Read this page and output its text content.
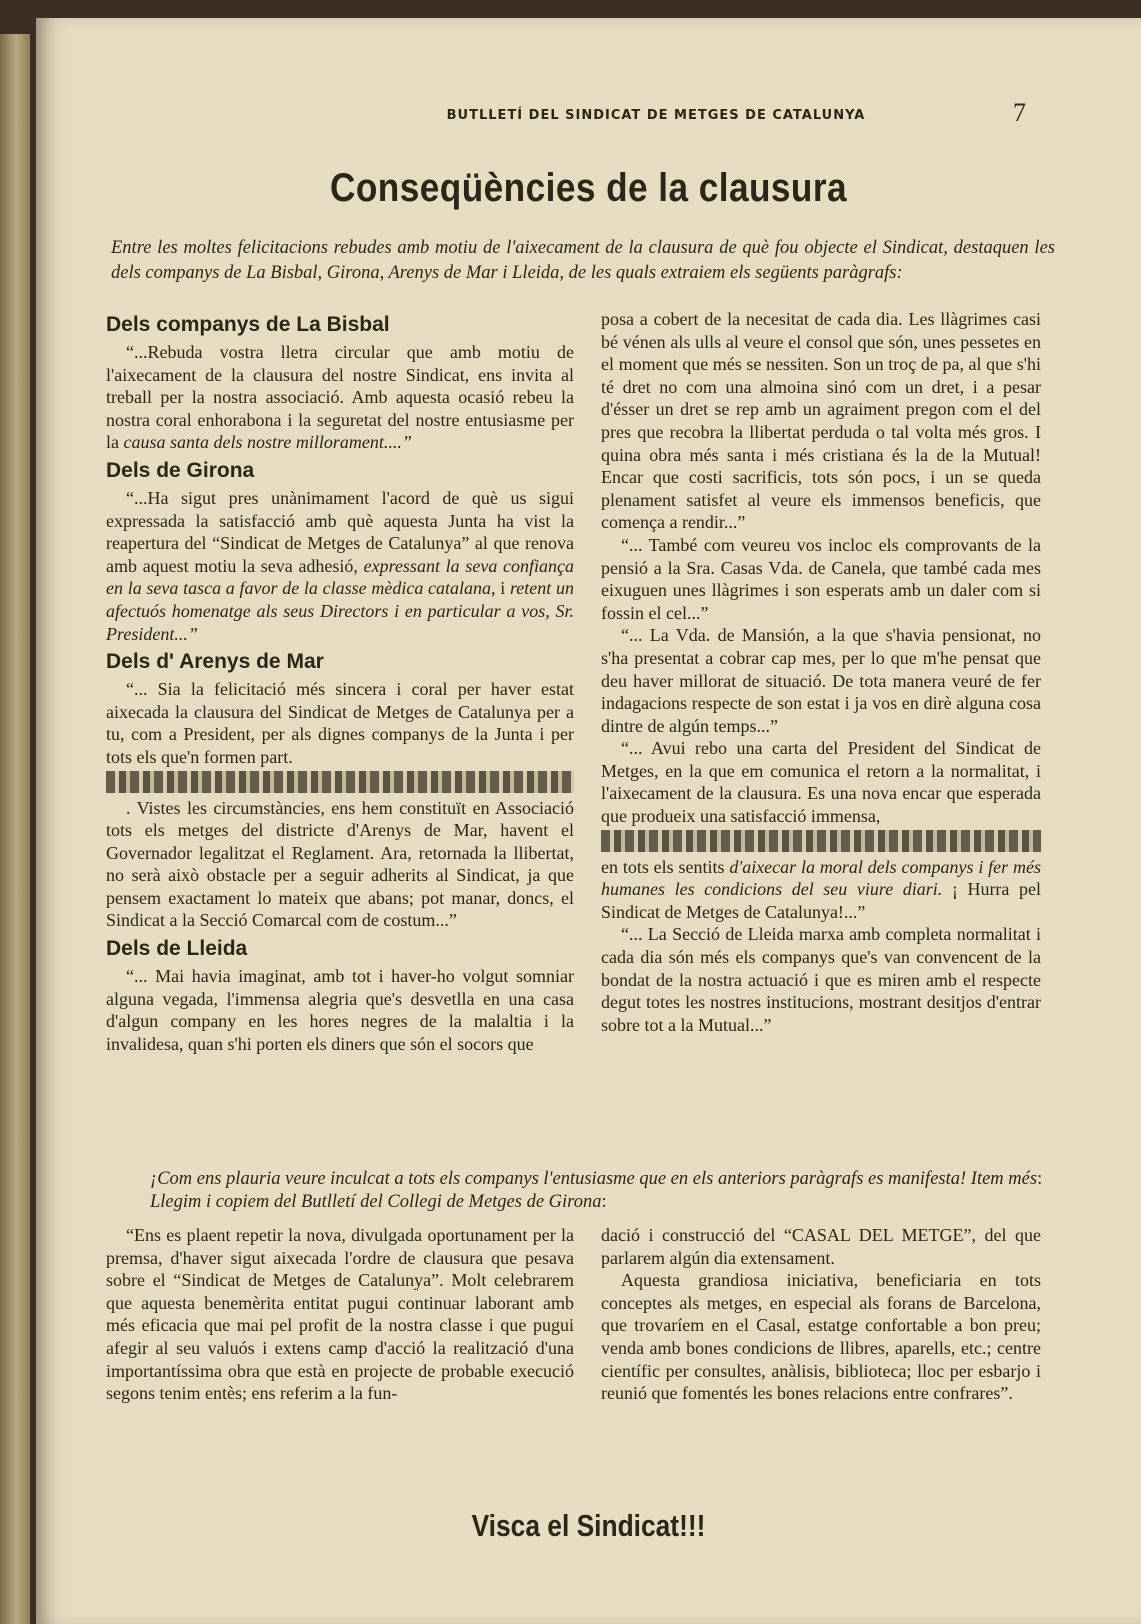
BUTLLETÍ DEL SINDICAT DE METGES DE CATALUNYA	7
Conseqüències de la clausura
Entre les moltes felicitacions rebudes amb motiu de l'aixecament de la clausura de què fou objecte el Sindicat, destaquen les dels companys de La Bisbal, Girona, Arenys de Mar i Lleida, de les quals extraiem els següents paràgrafs:
Dels companys de La Bisbal

“...Rebuda vostra lletra circular que amb motiu de l'aixecament de la clausura del nostre Sindicat, ens invita al treball per la nostra associació. Amb aquesta ocasió rebeu la nostra coral enhorabona i la seguretat del nostre entusiasme per la causa santa dels nostre millorament....”

Dels de Girona

“...Ha sigut pres unànimament l'acord de què us sigui expressada la satisfacció amb què aquesta Junta ha vist la reapertura del “Sindicat de Metges de Catalunya” al que renova amb aquest motiu la seva adhesió, expressant la seva confiança en la seva tasca a favor de la classe mèdica catalana, i retent un afectuós homenatge als seus Directors i en particular a vos, Sr. President...”

Dels d' Arenys de Mar

“... Sia la felicitació més sincera i coral per haver estat aixecada la clausura del Sindicat de Metges de Catalunya per a tu, com a President, per als dignes companys de la Junta i per tots els que'n formen part.

. Vistes les circumstàncies, ens hem constituït en Associació tots els metges del districte d'Arenys de Mar, havent el Governador legalitzat el Reglament. Ara, retornada la llibertat, no serà això obstacle per a seguir adherits al Sindicat, ja que pensem exactament lo mateix que abans; pot manar, doncs, el Sindicat a la Secció Comarcal com de costum...”

Dels de Lleida

“... Mai havia imaginat, amb tot i haver-ho volgut somniar alguna vegada, l'immensa alegria que's desvetlla en una casa d'algun company en les hores negres de la malaltia i la invalidesa, quan s'hi porten els diners que són el socors que

posa a cobert de la necesitat de cada dia. Les llàgrimes casi bé vénen als ulls al veure el consol que són, unes pessetes en el moment que més se nessiten. Son un troç de pa, al que s'hi té dret no com una almoina sinó com un dret, i a pesar d'ésser un dret se rep amb un agraiment pregon com el del pres que recobra la llibertat perduda o tal volta més gros. I quina obra més santa i més cristiana és la de la Mutual! Encar que costi sacrificis, tots són pocs, i un se queda plenament satisfet al veure els immensos beneficis, que comença a rendir...”

“... També com veureu vos incloc els comprovants de la pensió a la Sra. Casas Vda. de Canela, que també cada mes eixuguen unes llàgrimes i son esperats amb un daler com si fossin el cel...”

“... La Vda. de Mansión, a la que s'havia pensionat, no s'ha presentat a cobrar cap mes, per lo que m'he pensat que deu haver millorat de situació. De tota manera veuré de fer indagacions respecte de son estat i ja vos en dirè alguna cosa dintre de algún temps...”

“... Avui rebo una carta del President del Sindicat de Metges, en la que em comunica el retorn a la normalitat, i l'aixecament de la clausura. Es una nova encar que esperada que produeix una satisfacció immensa,

en tots els sentits d'aixecar la moral dels companys i fer més humanes les condicions del seu viure diari. ¡ Hurra pel Sindicat de Metges de Catalunya!...”

“... La Secció de Lleida marxa amb completa normalitat i cada dia són més els companys que's van convencent de la bondat de la nostra actuació i que es miren amb el respecte degut totes les nostres institucions, mostrant desitjos d'entrar sobre tot a la Mutual...”

¡Com ens plauria veure inculcat a tots els companys l'entusiasme que en els anteriors paràgrafs es manifesta! Item més: Llegim i copiem del Butlletí del Collegi de Metges de Girona:

“Ens es plaent repetir la nova, divulgada oportunament per la premsa, d'haver sigut aixecada l'ordre de clausura que pesava sobre el “Sindicat de Metges de Catalunya”. Molt celebrarem que aquesta benemèrita entitat pugui continuar laborant amb més eficacia que mai pel profit de la nostra classe i que pugui afegir al seu valuós i extens camp d'acció la realització d'una importantíssima obra que està en projecte de probable execució segons tenim entès; ens referim a la fun-

dació i construcció del “CASAL DEL METGE”, del que parlarem algún dia extensament.

Aquesta grandiosa iniciativa, beneficiaria en tots conceptes als metges, en especial als forans de Barcelona, que trovaríem en el Casal, estatge confortable a bon preu; venda amb bones condicions de llibres, aparells, etc.; centre científic per consultes, anàlisis, biblioteca; lloc per esbarjo i reunió que fomentés les bones relacions entre confrares”.

Visca el Sindicat!!!
